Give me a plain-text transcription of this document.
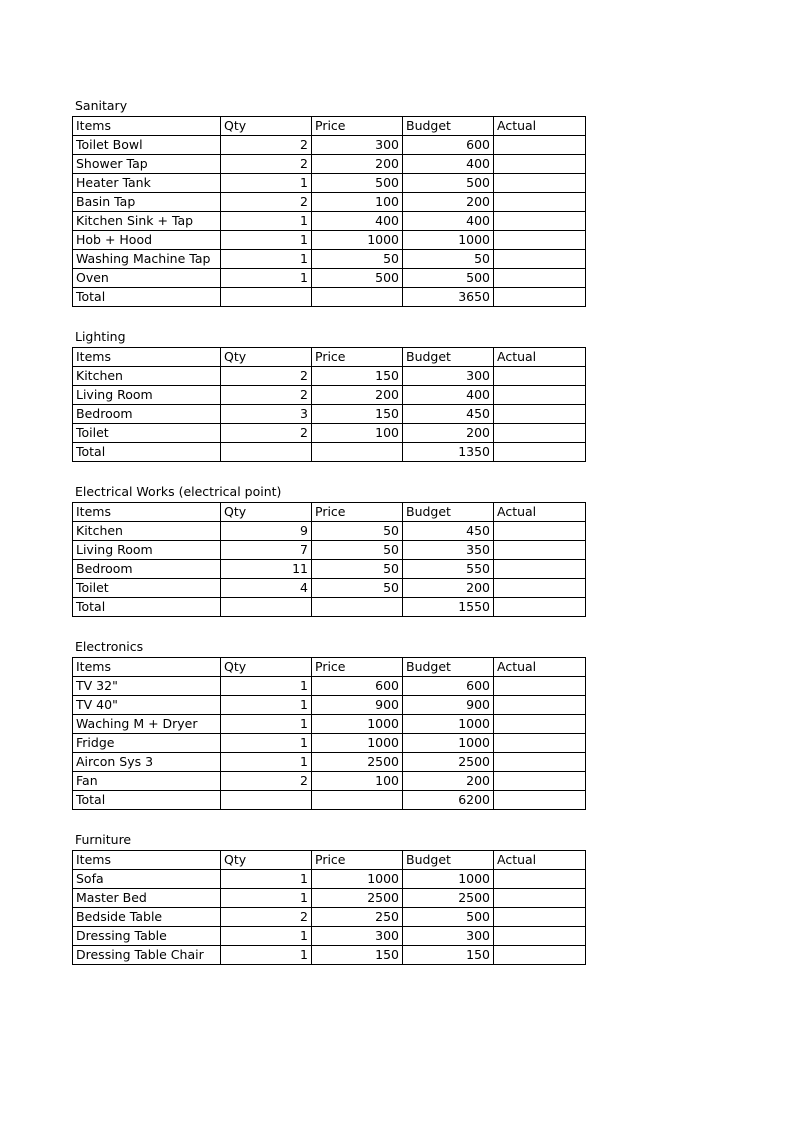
Sanitary
Items	Qty	Price	Budget	Actual
Toilet Bowl	2	300	600	
Shower Tap	2	200	400	
Heater Tank	1	500	500	
Basin Tap	2	100	200	
Kitchen Sink + Tap	1	400	400	
Hob + Hood	1	1000	1000	
Washing Machine Tap	1	50	50	
Oven	1	500	500	
Total			3650	
Lighting
Items	Qty	Price	Budget	Actual
Kitchen	2	150	300	
Living Room	2	200	400	
Bedroom	3	150	450	
Toilet	2	100	200	
Total			1350	
Electrical Works (electrical point)
Items	Qty	Price	Budget	Actual
Kitchen	9	50	450	
Living Room	7	50	350	
Bedroom	11	50	550	
Toilet	4	50	200	
Total			1550	
Electronics
Items	Qty	Price	Budget	Actual
TV 32"	1	600	600	
TV 40"	1	900	900	
Waching M + Dryer	1	1000	1000	
Fridge	1	1000	1000	
Aircon Sys 3	1	2500	2500	
Fan	2	100	200	
Total			6200	
Furniture
Items	Qty	Price	Budget	Actual
Sofa	1	1000	1000	
Master Bed	1	2500	2500	
Bedside Table	2	250	500	
Dressing Table	1	300	300	
Dressing Table Chair	1	150	150	
